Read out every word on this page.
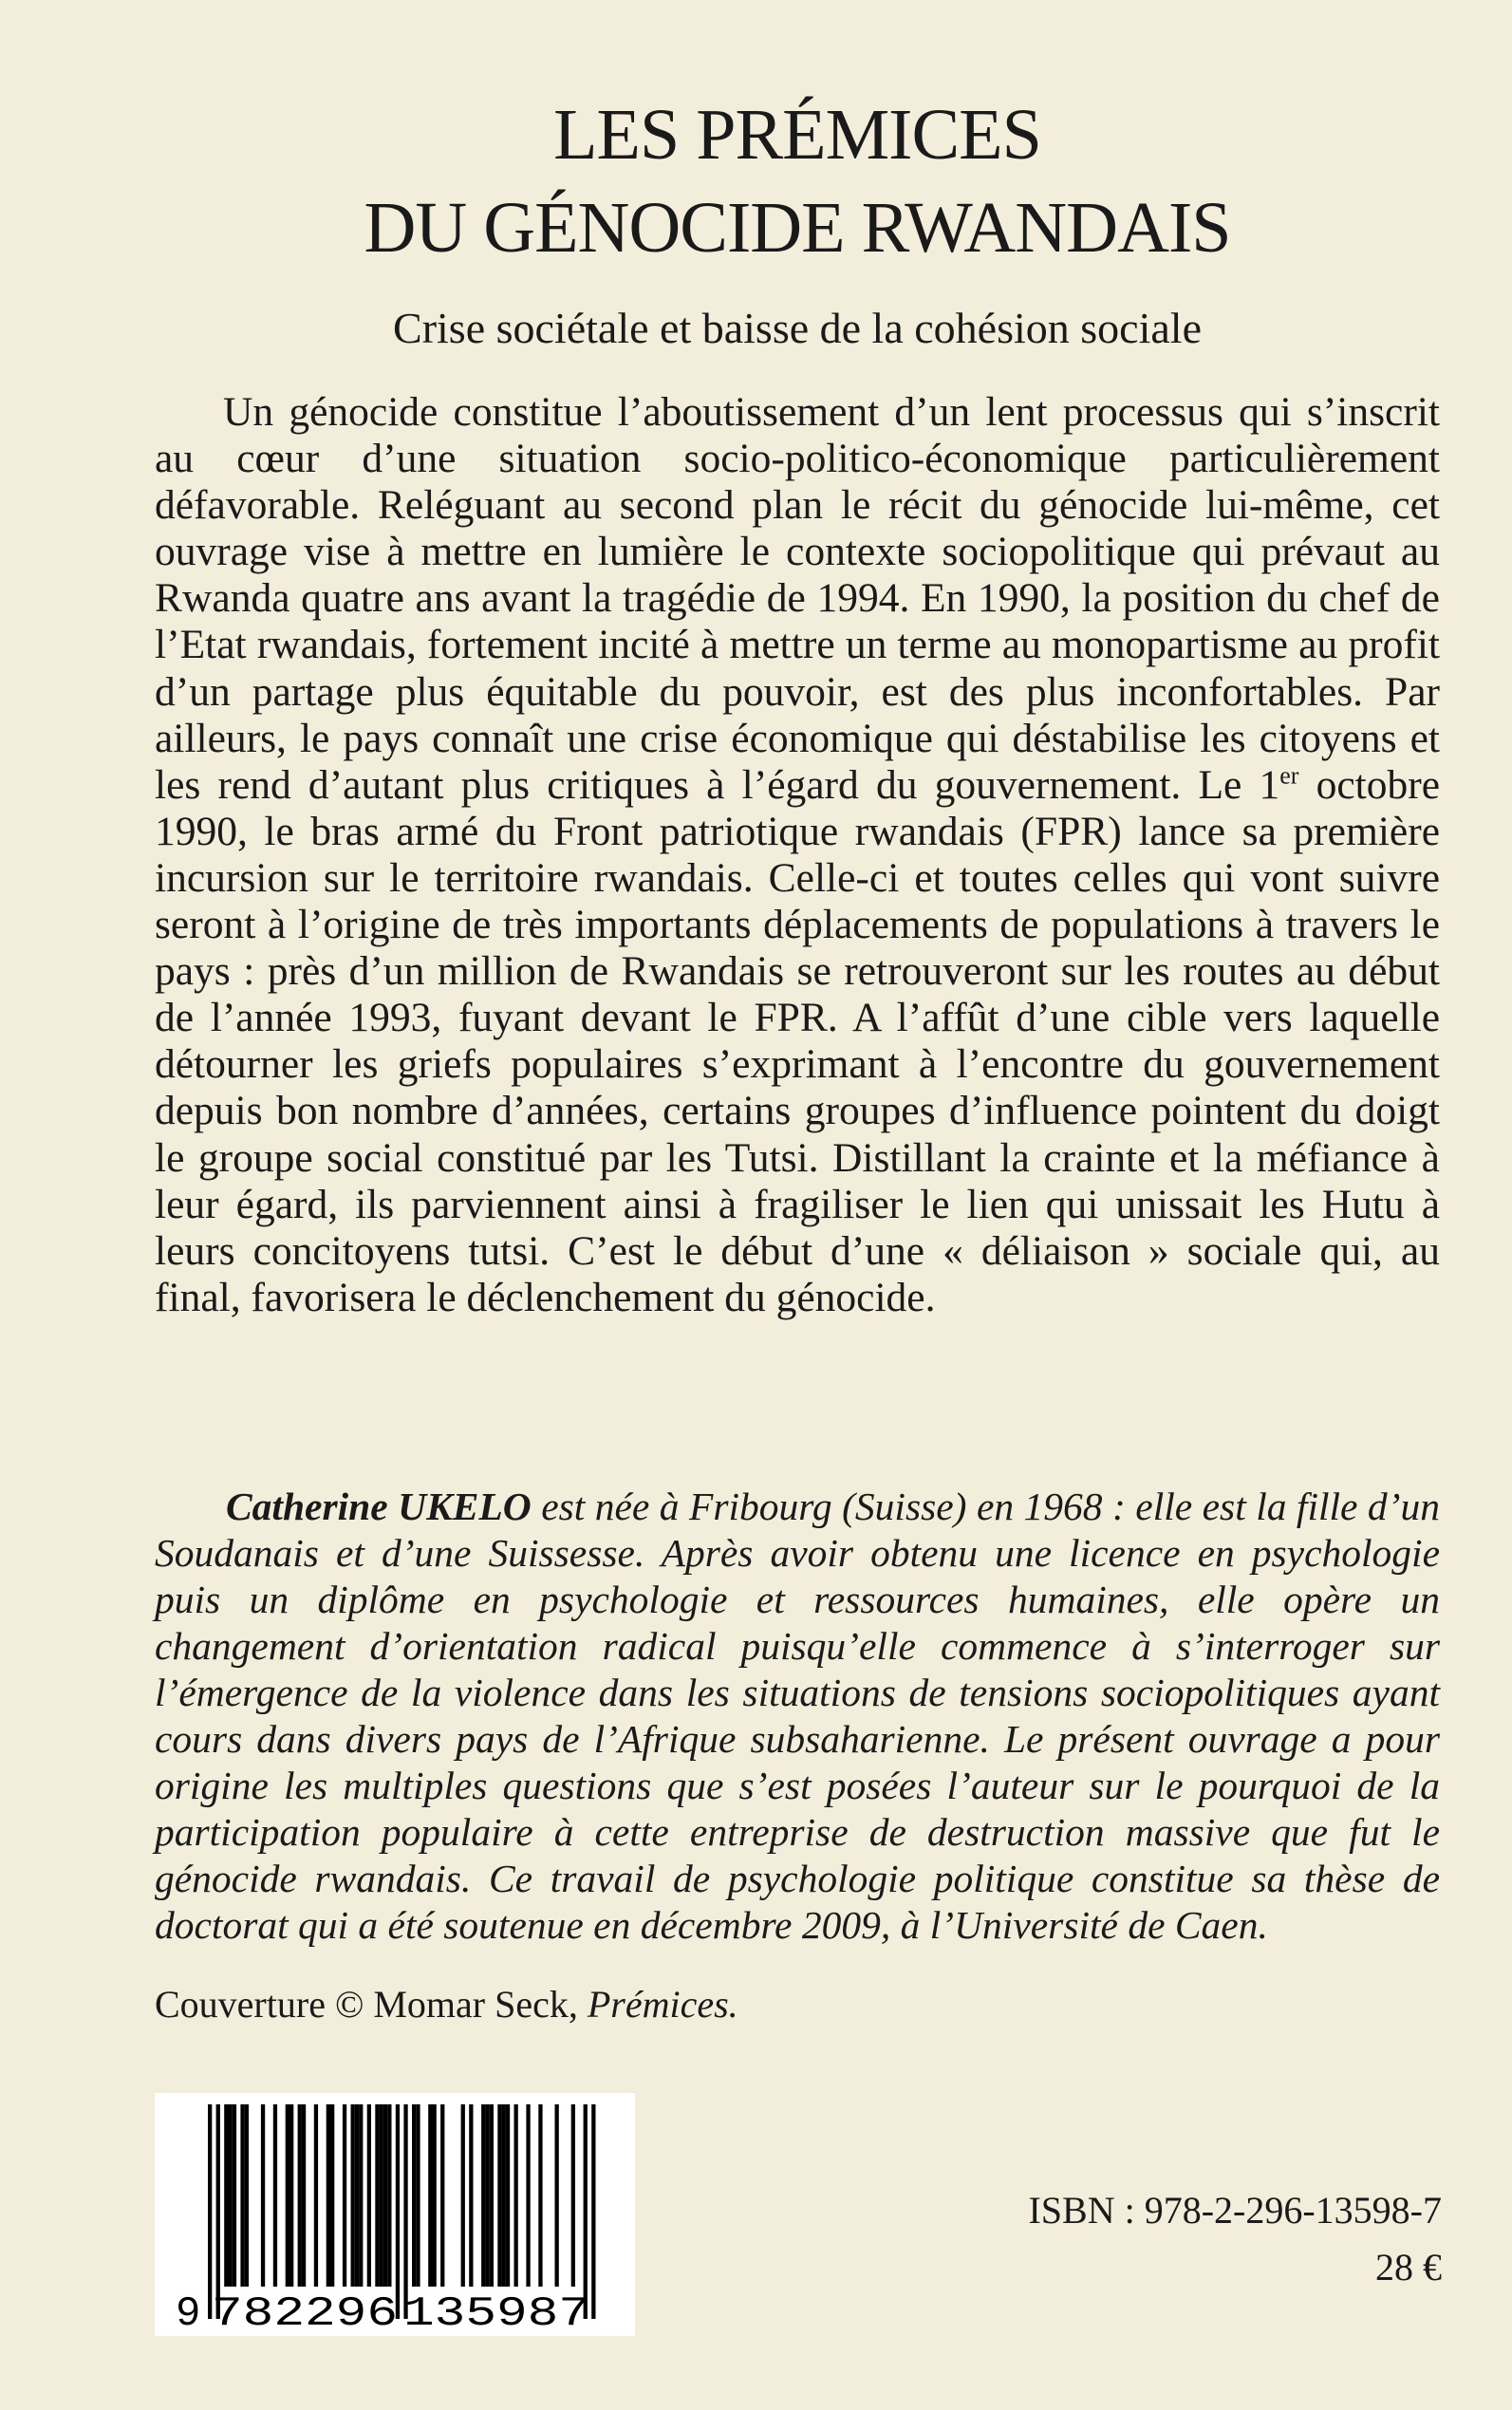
LES PRÉMICES
DU GÉNOCIDE RWANDAIS

Crise sociétale et baisse de la cohésion sociale

Un génocide constitue l’aboutissement d’un lent processus qui s’inscrit au cœur d’une situation socio-politico-économique particulièrement défavorable. Reléguant au second plan le récit du génocide lui-même, cet ouvrage vise à mettre en lumière le contexte sociopolitique qui prévaut au Rwanda quatre ans avant la tragédie de 1994. En 1990, la position du chef de l’Etat rwandais, fortement incité à mettre un terme au monopartisme au profit d’un partage plus équitable du pouvoir, est des plus inconfortables. Par ailleurs, le pays connaît une crise économique qui déstabilise les citoyens et les rend d’autant plus critiques à l’égard du gouvernement. Le 1er octobre 1990, le bras armé du Front patriotique rwandais (FPR) lance sa première incursion sur le territoire rwandais. Celle-ci et toutes celles qui vont suivre seront à l’origine de très importants déplacements de populations à travers le pays : près d’un million de Rwandais se retrouveront sur les routes au début de l’année 1993, fuyant devant le FPR. A l’affût d’une cible vers laquelle détourner les griefs populaires s’exprimant à l’encontre du gouvernement depuis bon nombre d’années, certains groupes d’influence pointent du doigt le groupe social constitué par les Tutsi. Distillant la crainte et la méfiance à leur égard, ils parviennent ainsi à fragiliser le lien qui unissait les Hutu à leurs concitoyens tutsi. C’est le début d’une « déliaison » sociale qui, au final, favorisera le déclenchement du génocide.

Catherine UKELO est née à Fribourg (Suisse) en 1968 : elle est la fille d’un Soudanais et d’une Suissesse. Après avoir obtenu une licence en psychologie puis un diplôme en psychologie et ressources humaines, elle opère un changement d’orientation radical puisqu’elle commence à s’interroger sur l’émergence de la violence dans les situations de tensions sociopolitiques ayant cours dans divers pays de l’Afrique subsaharienne. Le présent ouvrage a pour origine les multiples questions que s’est posées l’auteur sur le pourquoi de la participation populaire à cette entreprise de destruction massive que fut le génocide rwandais. Ce travail de psychologie politique constitue sa thèse de doctorat qui a été soutenue en décembre 2009, à l’Université de Caen.

Couverture © Momar Seck, Prémices.

9 782296 135987

ISBN : 978-2-296-13598-7

28 €
